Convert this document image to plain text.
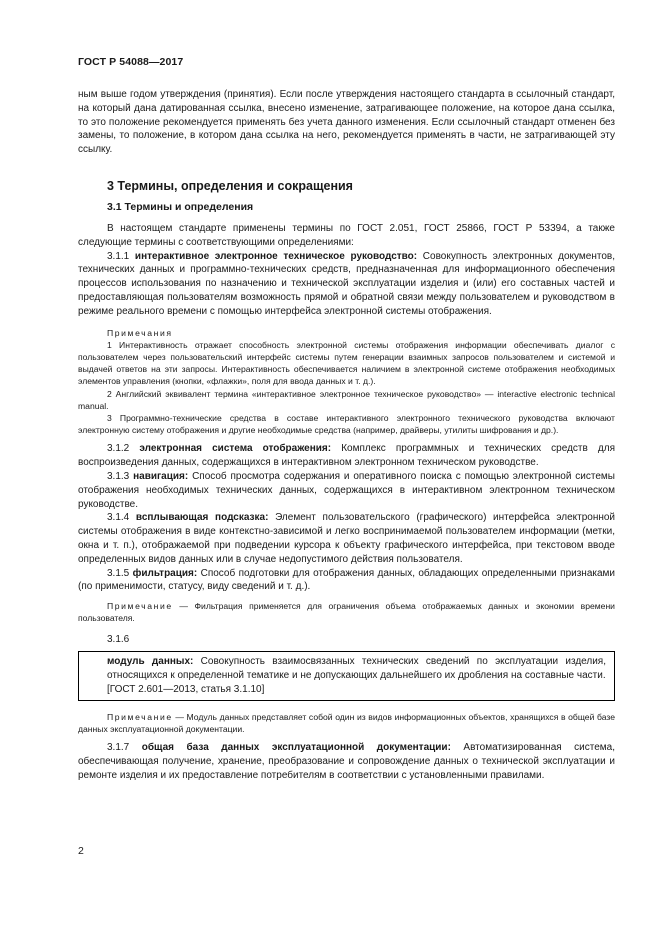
ГОСТ Р 54088—2017

ным выше годом утверждения (принятия). Если после утверждения настоящего стандарта в ссылочный стандарт, на который дана датированная ссылка, внесено изменение, затрагивающее положение, на которое дана ссылка, то это положение рекомендуется применять без учета данного изменения. Если ссылочный стандарт отменен без замены, то положение, в котором дана ссылка на него, рекомендуется применять в части, не затрагивающей эту ссылку.

3 Термины, определения и сокращения
3.1 Термины и определения

В настоящем стандарте применены термины по ГОСТ 2.051, ГОСТ 25866, ГОСТ Р 53394, а также следующие термины с соответствующими определениями:

3.1.1 интерактивное электронное техническое руководство: Совокупность электронных документов, технических данных и программно-технических средств, предназначенная для информационного обеспечения процессов использования по назначению и технической эксплуатации изделия и (или) его составных частей и предоставляющая пользователям возможность прямой и обратной связи между пользователем и руководством в режиме реального времени с помощью интерфейса электронной системы отображения.

Примечания

1 Интерактивность отражает способность электронной системы отображения информации обеспечивать диалог с пользователем через пользовательский интерфейс системы путем генерации взаимных запросов пользователем и системой и выдачей ответов на эти запросы. Интерактивность обеспечивается наличием в электронной системе отображения необходимых элементов управления (кнопки, «флажки», поля для ввода данных и т. д.).

2 Английский эквивалент термина «интерактивное электронное техническое руководство» — interactive electronic technical manual.

3 Программно-технические средства в составе интерактивного электронного технического руководства включают электронную систему отображения и другие необходимые средства (например, драйверы, утилиты шифрования и др.).

3.1.2 электронная система отображения: Комплекс программных и технических средств для воспроизведения данных, содержащихся в интерактивном электронном техническом руководстве.

3.1.3 навигация: Способ просмотра содержания и оперативного поиска с помощью электронной системы отображения необходимых технических данных, содержащихся в интерактивном электронном техническом руководстве.

3.1.4 всплывающая подсказка: Элемент пользовательского (графического) интерфейса электронной системы отображения в виде контекстно-зависимой и легко воспринимаемой пользователем информации (метки, окна и т. п.), отображаемой при подведении курсора к объекту графического интерфейса, при текстовом вводе определенных видов данных или в случае недопустимого действия пользователя.

3.1.5 фильтрация: Способ подготовки для отображения данных, обладающих определенными признаками (по применимости, статусу, виду сведений и т. д.).

Примечание — Фильтрация применяется для ограничения объема отображаемых данных и экономии времени пользователя.

3.1.6

модуль данных: Совокупность взаимосвязанных технических сведений по эксплуатации изделия, относящихся к определенной тематике и не допускающих дальнейшего их дробления на составные части.

[ГОСТ 2.601—2013, статья 3.1.10]

Примечание — Модуль данных представляет собой один из видов информационных объектов, хранящихся в общей базе данных эксплуатационной документации.

3.1.7 общая база данных эксплуатационной документации: Автоматизированная система, обеспечивающая получение, хранение, преобразование и сопровождение данных о технической эксплуатации и ремонте изделия и их предоставление потребителям в соответствии с установленными правилами.

2
